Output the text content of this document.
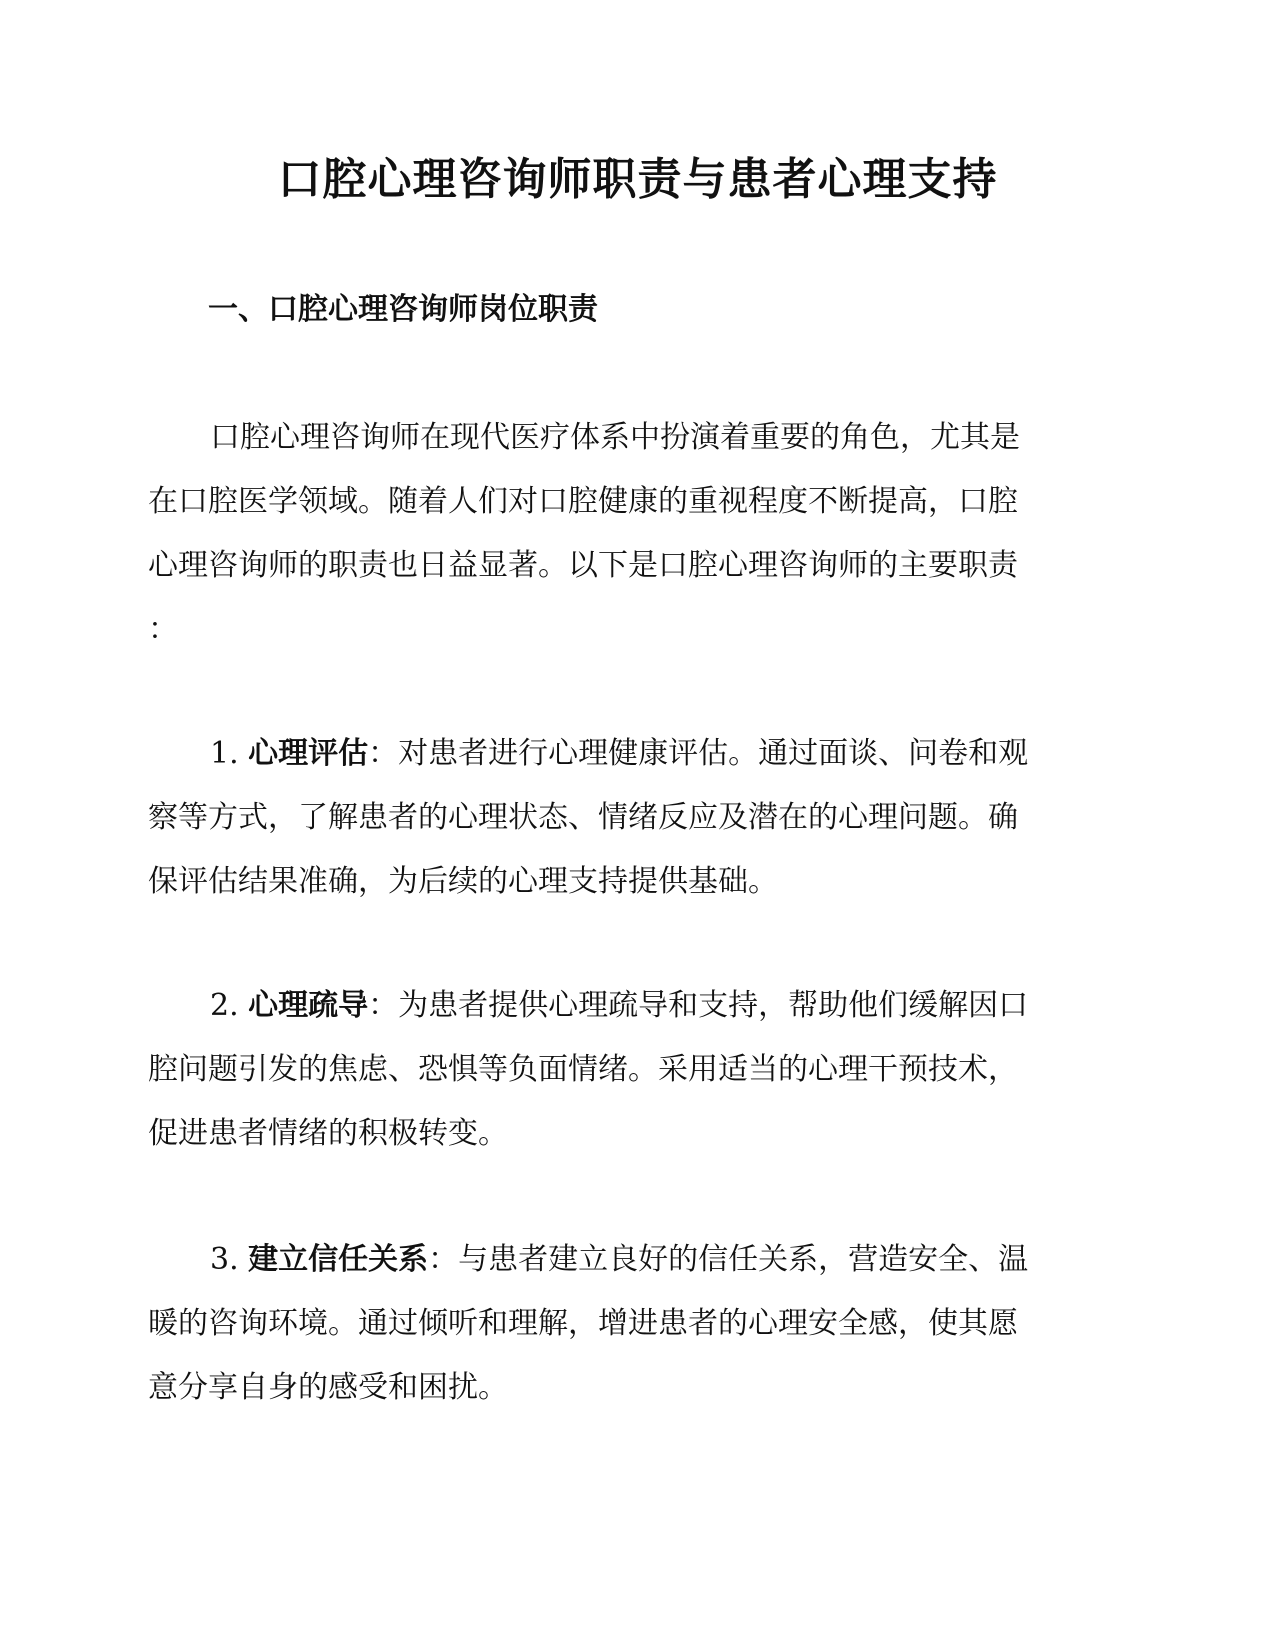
口腔心理咨询师职责与患者心理支持
一、口腔心理咨询师岗位职责
口腔心理咨询师在现代医疗体系中扮演着重要的角色，尤其是
在口腔医学领域。随着人们对口腔健康的重视程度不断提高，口腔
心理咨询师的职责也日益显著。以下是口腔心理咨询师的主要职责
：
1. 心理评估：对患者进行心理健康评估。通过面谈、问卷和观
察等方式，了解患者的心理状态、情绪反应及潜在的心理问题。确
保评估结果准确，为后续的心理支持提供基础。
2. 心理疏导：为患者提供心理疏导和支持，帮助他们缓解因口
腔问题引发的焦虑、恐惧等负面情绪。采用适当的心理干预技术，
促进患者情绪的积极转变。
3. 建立信任关系：与患者建立良好的信任关系，营造安全、温
暖的咨询环境。通过倾听和理解，增进患者的心理安全感，使其愿
意分享自身的感受和困扰。
